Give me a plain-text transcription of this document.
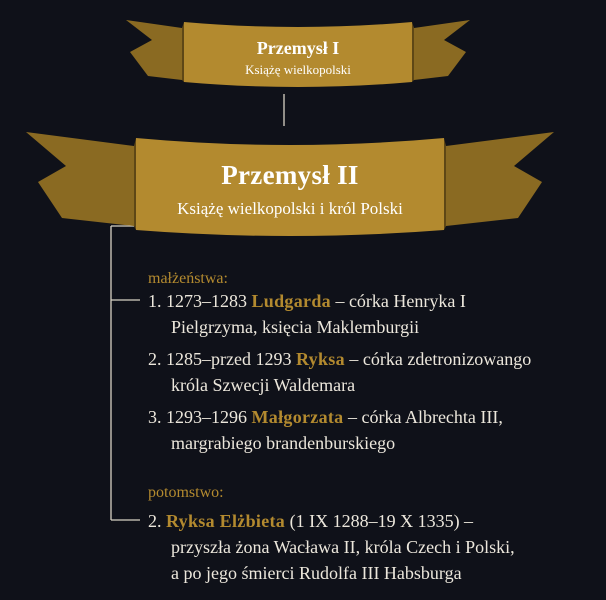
Przemysł I
Książę wielkopolski
Przemysł II
Książę wielkopolski i król Polski
małżeństwa:
1. 1273–1283 Ludgarda – córka Henryka I
Pielgrzyma, księcia Maklemburgii
2. 1285–przed 1293 Ryksa – córka zdetronizowango
króla Szwecji Waldemara
3. 1293–1296 Małgorzata – córka Albrechta III,
margrabiego brandenburskiego
potomstwo:
2. Ryksa Elżbieta (1 IX 1288–19 X 1335) –
przyszła żona Wacława II, króla Czech i Polski,
a po jego śmierci Rudolfa III Habsburga
